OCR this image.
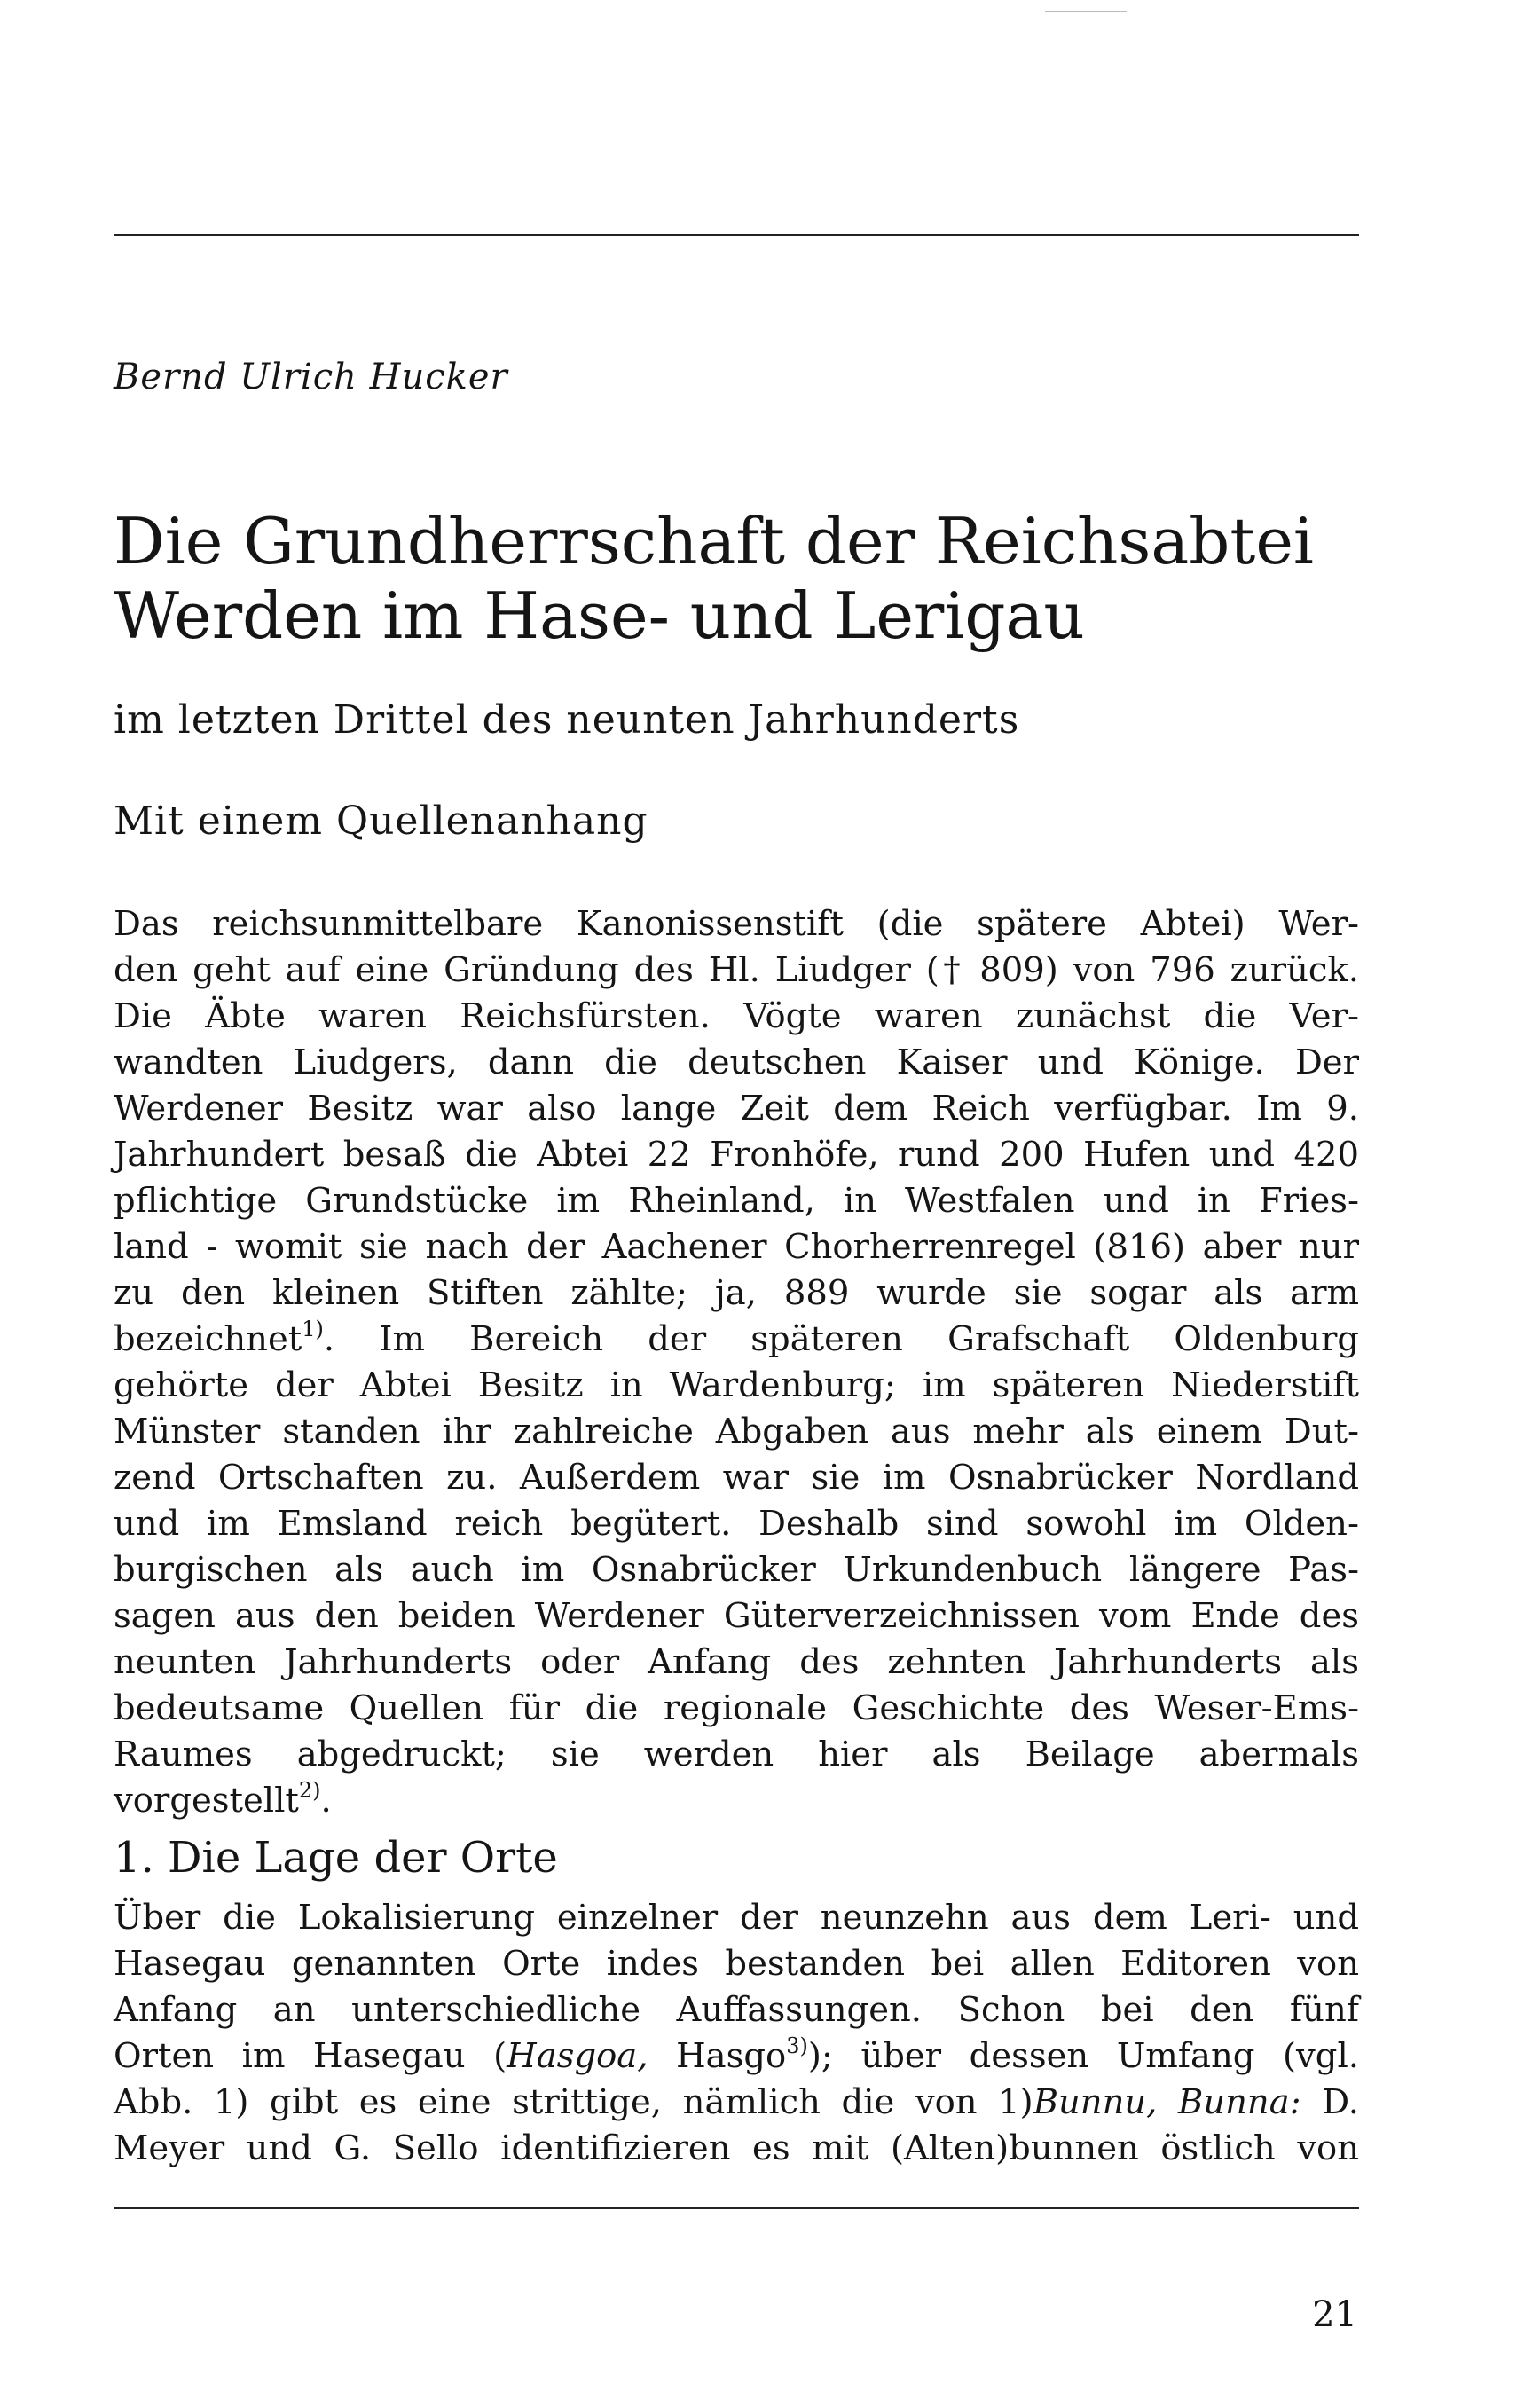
Bernd Ulrich Hucker
Die Grundherrschaft der Reichsabtei
Werden im Hase- und Lerigau
im letzten Drittel des neunten Jahrhunderts
Mit einem Quellenanhang
Das reichsunmittelbare Kanonissenstift (die spätere Abtei) Wer-
den geht auf eine Gründung des Hl. Liudger († 809) von 796 zurück.
Die Äbte waren Reichsfürsten. Vögte waren zunächst die Ver-
wandten Liudgers, dann die deutschen Kaiser und Könige. Der
Werdener Besitz war also lange Zeit dem Reich verfügbar. Im 9.
Jahrhundert besaß die Abtei 22 Fronhöfe, rund 200 Hufen und 420
pflichtige Grundstücke im Rheinland, in Westfalen und in Fries-
land - womit sie nach der Aachener Chorherrenregel (816) aber nur
zu den kleinen Stiften zählte; ja, 889 wurde sie sogar als arm
bezeichnet$^{1)}$. Im Bereich der späteren Grafschaft Oldenburg
gehörte der Abtei Besitz in Wardenburg; im späteren Niederstift
Münster standen ihr zahlreiche Abgaben aus mehr als einem Dut-
zend Ortschaften zu. Außerdem war sie im Osnabrücker Nordland
und im Emsland reich begütert. Deshalb sind sowohl im Olden-
burgischen als auch im Osnabrücker Urkundenbuch längere Pas-
sagen aus den beiden Werdener Güterverzeichnissen vom Ende des
neunten Jahrhunderts oder Anfang des zehnten Jahrhunderts als
bedeutsame Quellen für die regionale Geschichte des Weser-Ems-
Raumes abgedruckt; sie werden hier als Beilage abermals
vorgestellt$^{2)}$.
1. Die Lage der Orte
Über die Lokalisierung einzelner der neunzehn aus dem Leri- und
Hasegau genannten Orte indes bestanden bei allen Editoren von
Anfang an unterschiedliche Auffassungen. Schon bei den fünf
Orten im Hasegau (Hasgoa, Hasgo$^{3)}$); über dessen Umfang (vgl.
Abb. 1) gibt es eine strittige, nämlich die von 1)Bunnu, Bunna: D.
Meyer und G. Sello identifizieren es mit (Alten)bunnen östlich von
21
